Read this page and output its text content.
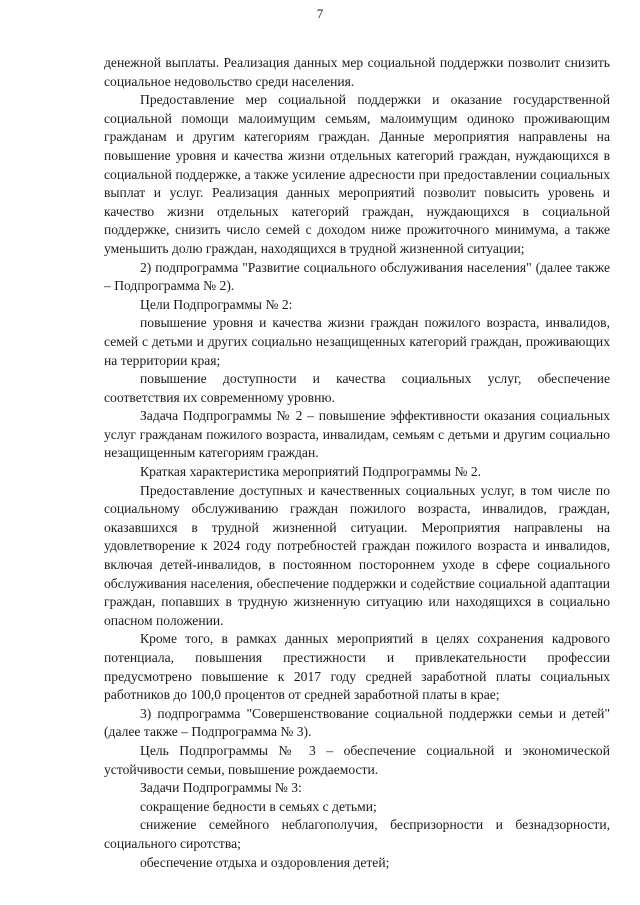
7

денежной выплаты. Реализация данных мер социальной поддержки позволит снизить социальное недовольство среди населения.

Предоставление мер социальной поддержки и оказание государственной социальной помощи малоимущим семьям, малоимущим одиноко проживающим гражданам и другим категориям граждан. Данные мероприятия направлены на повышение уровня и качества жизни отдельных категорий граждан, нуждающихся в социальной поддержке, а также усиление адресности при предоставлении социальных выплат и услуг. Реализация данных мероприятий позволит повысить уровень и качество жизни отдельных категорий граждан, нуждающихся в социальной поддержке, снизить число семей с доходом ниже прожиточного минимума, а также уменьшить долю граждан, находящихся в трудной жизненной ситуации;

2) подпрограмма "Развитие социального обслуживания населения" (далее также – Подпрограмма № 2).

Цели Подпрограммы № 2:

повышение уровня и качества жизни граждан пожилого возраста, инвалидов, семей с детьми и других социально незащищенных категорий граждан, проживающих на территории края;

повышение доступности и качества социальных услуг, обеспечение соответствия их современному уровню.

Задача Подпрограммы № 2 – повышение эффективности оказания социальных услуг гражданам пожилого возраста, инвалидам, семьям с детьми и другим социально незащищенным категориям граждан.

Краткая характеристика мероприятий Подпрограммы № 2.

Предоставление доступных и качественных социальных услуг, в том числе по социальному обслуживанию граждан пожилого возраста, инвалидов, граждан, оказавшихся в трудной жизненной ситуации. Мероприятия направлены на удовлетворение к 2024 году потребностей граждан пожилого возраста и инвалидов, включая детей-инвалидов, в постоянном постороннем уходе в сфере социального обслуживания населения, обеспечение поддержки и содействие социальной адаптации граждан, попавших в трудную жизненную ситуацию или находящихся в социально опасном положении.

Кроме того, в рамках данных мероприятий в целях сохранения кадрового потенциала, повышения престижности и привлекательности профессии предусмотрено повышение к 2017 году средней заработной платы социальных работников до 100,0 процентов от средней заработной платы в крае;

3) подпрограмма "Совершенствование социальной поддержки семьи и детей" (далее также – Подпрограмма № 3).

Цель Подпрограммы № 3 – обеспечение социальной и экономической устойчивости семьи, повышение рождаемости.

Задачи Подпрограммы № 3:

сокращение бедности в семьях с детьми;

снижение семейного неблагополучия, беспризорности и безнадзорности, социального сиротства;

обеспечение отдыха и оздоровления детей;
